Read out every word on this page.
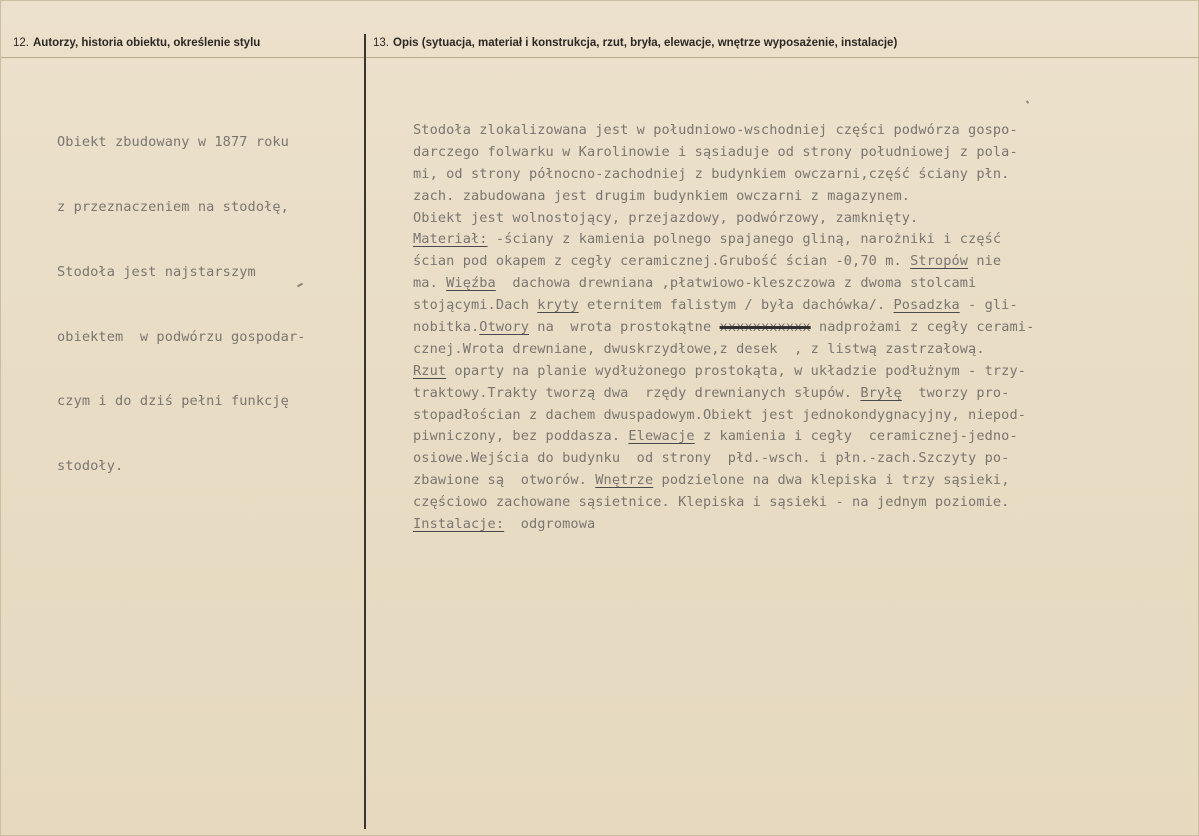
12. Autorzy, historia obiektu, określenie stylu	13. Opis (sytuacja, materiał i konstrukcja, rzut, bryła, elewacje, wnętrze wyposażenie, instalacje)

Obiekt zbudowany w 1877 roku

z przeznaczeniem na stodołę,

Stodoła jest najstarszym

obiektem  w podwórzu gospodar-

czym i do dziś pełni funkcję

stodoły.

Stodoła zlokalizowana jest w południowo-wschodniej części podwórza gospo-
darczego folwarku w Karolinowie i sąsiaduje od strony południowej z pola-
mi, od strony północno-zachodniej z budynkiem owczarni,część ściany płn.
zach. zabudowana jest drugim budynkiem owczarni z magazynem.
Obiekt jest wolnostojący, przejazdowy, podwórzowy, zamknięty.
Materiał: -ściany z kamienia polnego spajanego gliną, narożniki i część
ścian pod okapem z cegły ceramicznej.Grubość ścian -0,70 m. Stropów nie
ma. Więźba  dachowa drewniana ,płatwiowo-kleszczowa z dwoma stolcami
stojącymi.Dach kryty eternitem falistym / była dachówka/. Posadzka - gli-
nobitka.Otwory na  wrota prostokątne xxxxxxxxxxx nadprożami z cegły cerami-
cznej.Wrota drewniane, dwuskrzydłowe,z desek  , z listwą zastrzałową.
Rzut oparty na planie wydłużonego prostokąta, w układzie podłużnym - trzy-
traktowy.Trakty tworzą dwa  rzędy drewnianych słupów. Bryłę  tworzy pro-
stopadłościan z dachem dwuspadowym.Obiekt jest jednokondygnacyjny, niepod-
piwniczony, bez poddasza. Elewacje z kamienia i cegły  ceramicznej-jedno-
osiowe.Wejścia do budynku  od strony  płd.-wsch. i płn.-zach.Szczyty po-
zbawione są  otworów. Wnętrze podzielone na dwa klepiska i trzy sąsieki,
częściowo zachowane sąsietnice. Klepiska i sąsieki - na jednym poziomie.
Instalacje:  odgromowa
